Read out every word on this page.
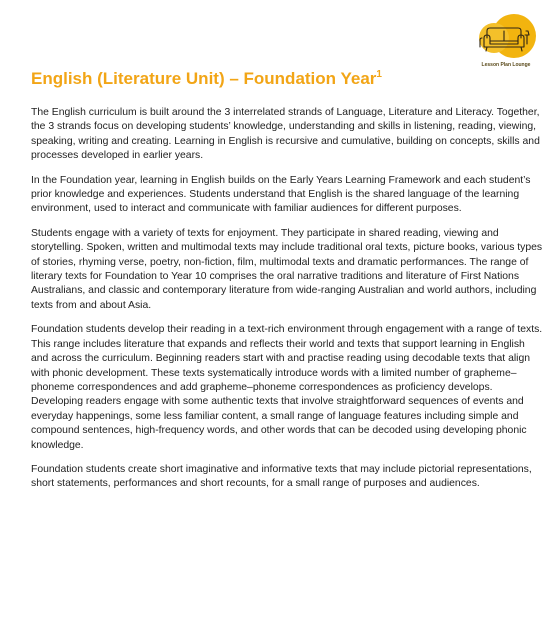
Lesson Plan Lounge
English (Literature Unit) – Foundation Year$^1$

The English curriculum is built around the 3 interrelated strands of Language, Literature and Literacy. Together, the 3 strands focus on developing students’ knowledge, understanding and skills in listening, reading, viewing, speaking, writing and creating. Learning in English is recursive and cumulative, building on concepts, skills and processes developed in earlier years.

In the Foundation year, learning in English builds on the Early Years Learning Framework and each student’s prior knowledge and experiences. Students understand that English is the shared language of the learning environment, used to interact and communicate with familiar audiences for different purposes.

Students engage with a variety of texts for enjoyment. They participate in shared reading, viewing and storytelling. Spoken, written and multimodal texts may include traditional oral texts, picture books, various types of stories, rhyming verse, poetry, non-fiction, film, multimodal texts and dramatic performances. The range of literary texts for Foundation to Year 10 comprises the oral narrative traditions and literature of First Nations Australians, and classic and contemporary literature from wide-ranging Australian and world authors, including texts from and about Asia.

Foundation students develop their reading in a text-rich environment through engagement with a range of texts. This range includes literature that expands and reflects their world and texts that support learning in English and across the curriculum. Beginning readers start with and practise reading using decodable texts that align with phonic development. These texts systematically introduce words with a limited number of grapheme–phoneme correspondences and add grapheme–phoneme correspondences as proficiency develops. Developing readers engage with some authentic texts that involve straightforward sequences of events and everyday happenings, some less familiar content, a small range of language features including simple and compound sentences, high-frequency words, and other words that can be decoded using developing phonic knowledge.

Foundation students create short imaginative and informative texts that may include pictorial representations, short statements, performances and short recounts, for a small range of purposes and audiences.
